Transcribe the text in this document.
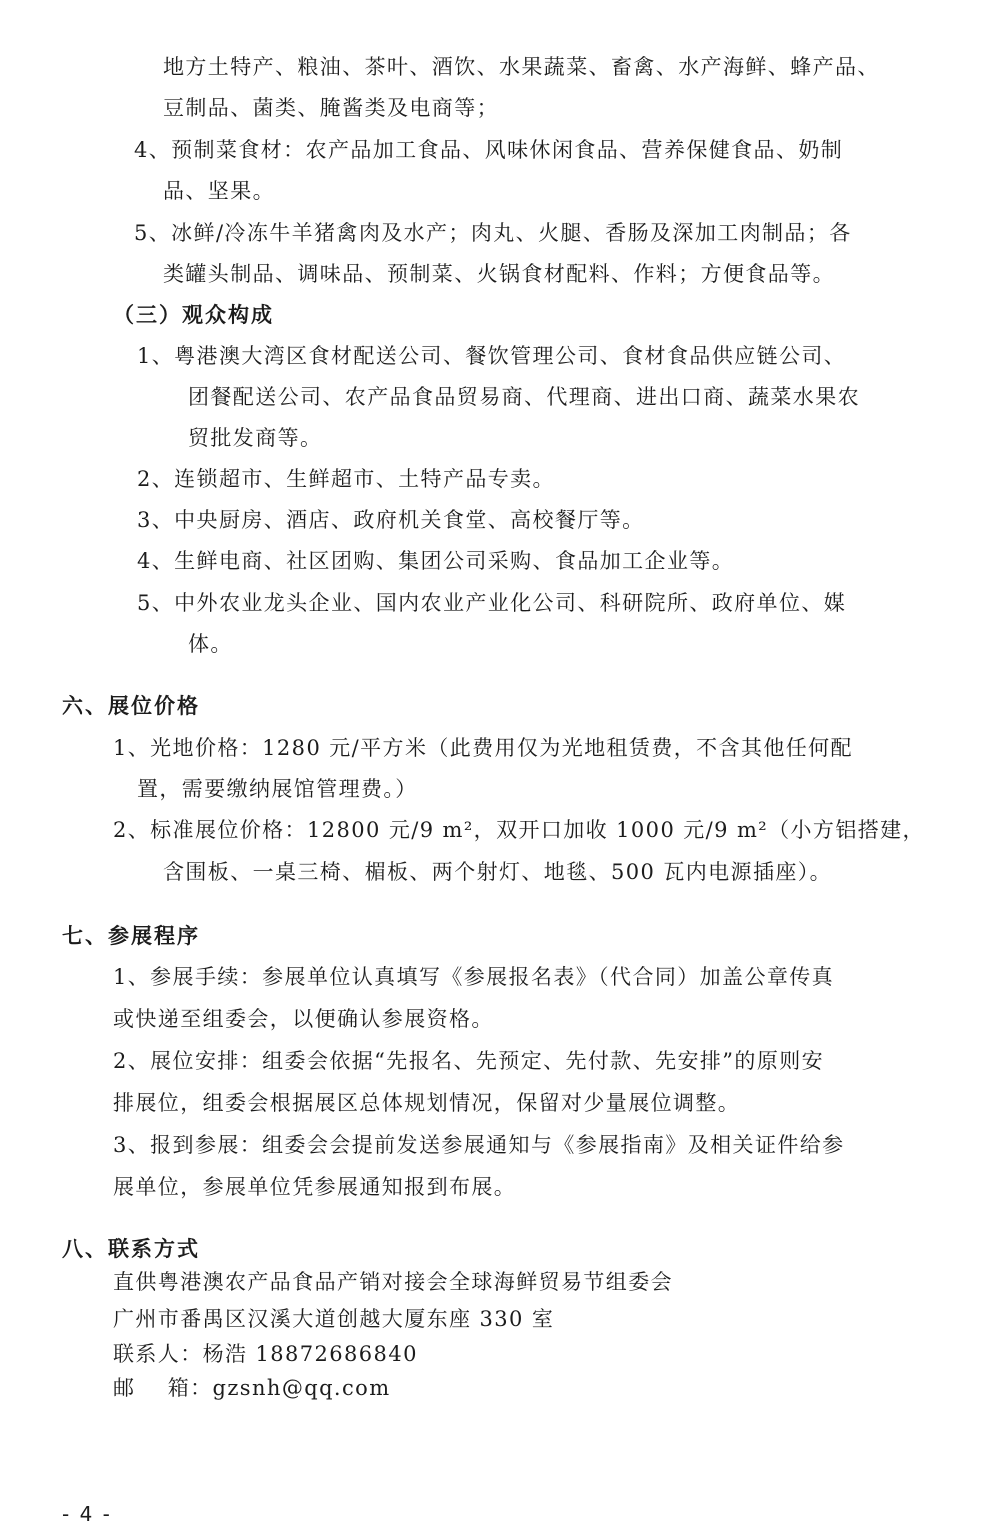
地方土特产、粮油、茶叶、酒饮、水果蔬菜、畜禽、水产海鲜、蜂产品、

豆制品、菌类、腌酱类及电商等；

4、预制菜食材：农产品加工食品、风味休闲食品、营养保健食品、奶制

品、坚果。

5、冰鲜/冷冻牛羊猪禽肉及水产；肉丸、火腿、香肠及深加工肉制品；各

类罐头制品、调味品、预制菜、火锅食材配料、作料；方便食品等。

（三）观众构成

1、粤港澳大湾区食材配送公司、餐饮管理公司、食材食品供应链公司、

团餐配送公司、农产品食品贸易商、代理商、进出口商、蔬菜水果农

贸批发商等。

2、连锁超市、生鲜超市、土特产品专卖。

3、中央厨房、酒店、政府机关食堂、高校餐厅等。

4、生鲜电商、社区团购、集团公司采购、食品加工企业等。

5、中外农业龙头企业、国内农业产业化公司、科研院所、政府单位、媒

体。

六、展位价格

1、光地价格：1280 元/平方米（此费用仅为光地租赁费，不含其他任何配

置，需要缴纳展馆管理费。）

2、标准展位价格：12800 元/9 m²，双开口加收 1000 元/9 m²（小方铝搭建，

含围板、一桌三椅、楣板、两个射灯、地毯、500 瓦内电源插座）。

七、参展程序

1、参展手续：参展单位认真填写《参展报名表》（代合同）加盖公章传真

或快递至组委会，以便确认参展资格。

2、展位安排：组委会依据“先报名、先预定、先付款、先安排”的原则安

排展位，组委会根据展区总体规划情况，保留对少量展位调整。

3、报到参展：组委会会提前发送参展通知与《参展指南》及相关证件给参

展单位，参展单位凭参展通知报到布展。

八、联系方式

直供粤港澳农产品食品产销对接会全球海鲜贸易节组委会

广州市番禺区汉溪大道创越大厦东座 330 室

联系人：杨浩 18872686840

邮    箱：gzsnh@qq.com

- 4 -
